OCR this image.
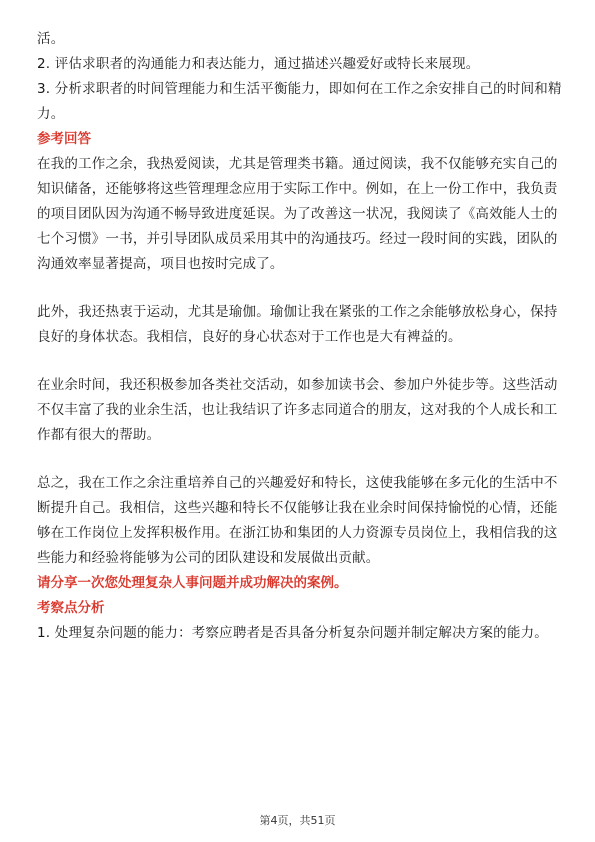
活。

2. 评估求职者的沟通能力和表达能力，通过描述兴趣爱好或特长来展现。

3. 分析求职者的时间管理能力和生活平衡能力，即如何在工作之余安排自己的时间和精力。

参考回答

在我的工作之余，我热爱阅读，尤其是管理类书籍。通过阅读，我不仅能够充实自己的知识储备，还能够将这些管理理念应用于实际工作中。例如，在上一份工作中，我负责的项目团队因为沟通不畅导致进度延误。为了改善这一状况，我阅读了《高效能人士的七个习惯》一书，并引导团队成员采用其中的沟通技巧。经过一段时间的实践，团队的沟通效率显著提高，项目也按时完成了。

此外，我还热衷于运动，尤其是瑜伽。瑜伽让我在紧张的工作之余能够放松身心，保持良好的身体状态。我相信，良好的身心状态对于工作也是大有裨益的。

在业余时间，我还积极参加各类社交活动，如参加读书会、参加户外徒步等。这些活动不仅丰富了我的业余生活，也让我结识了许多志同道合的朋友，这对我的个人成长和工作都有很大的帮助。

总之，我在工作之余注重培养自己的兴趣爱好和特长，这使我能够在多元化的生活中不断提升自己。我相信，这些兴趣和特长不仅能够让我在业余时间保持愉悦的心情，还能够在工作岗位上发挥积极作用。在浙江协和集团的人力资源专员岗位上，我相信我的这些能力和经验将能够为公司的团队建设和发展做出贡献。

请分享一次您处理复杂人事问题并成功解决的案例。
考察点分析

1. 处理复杂问题的能力：考察应聘者是否具备分析复杂问题并制定解决方案的能力。

第4页，共51页
